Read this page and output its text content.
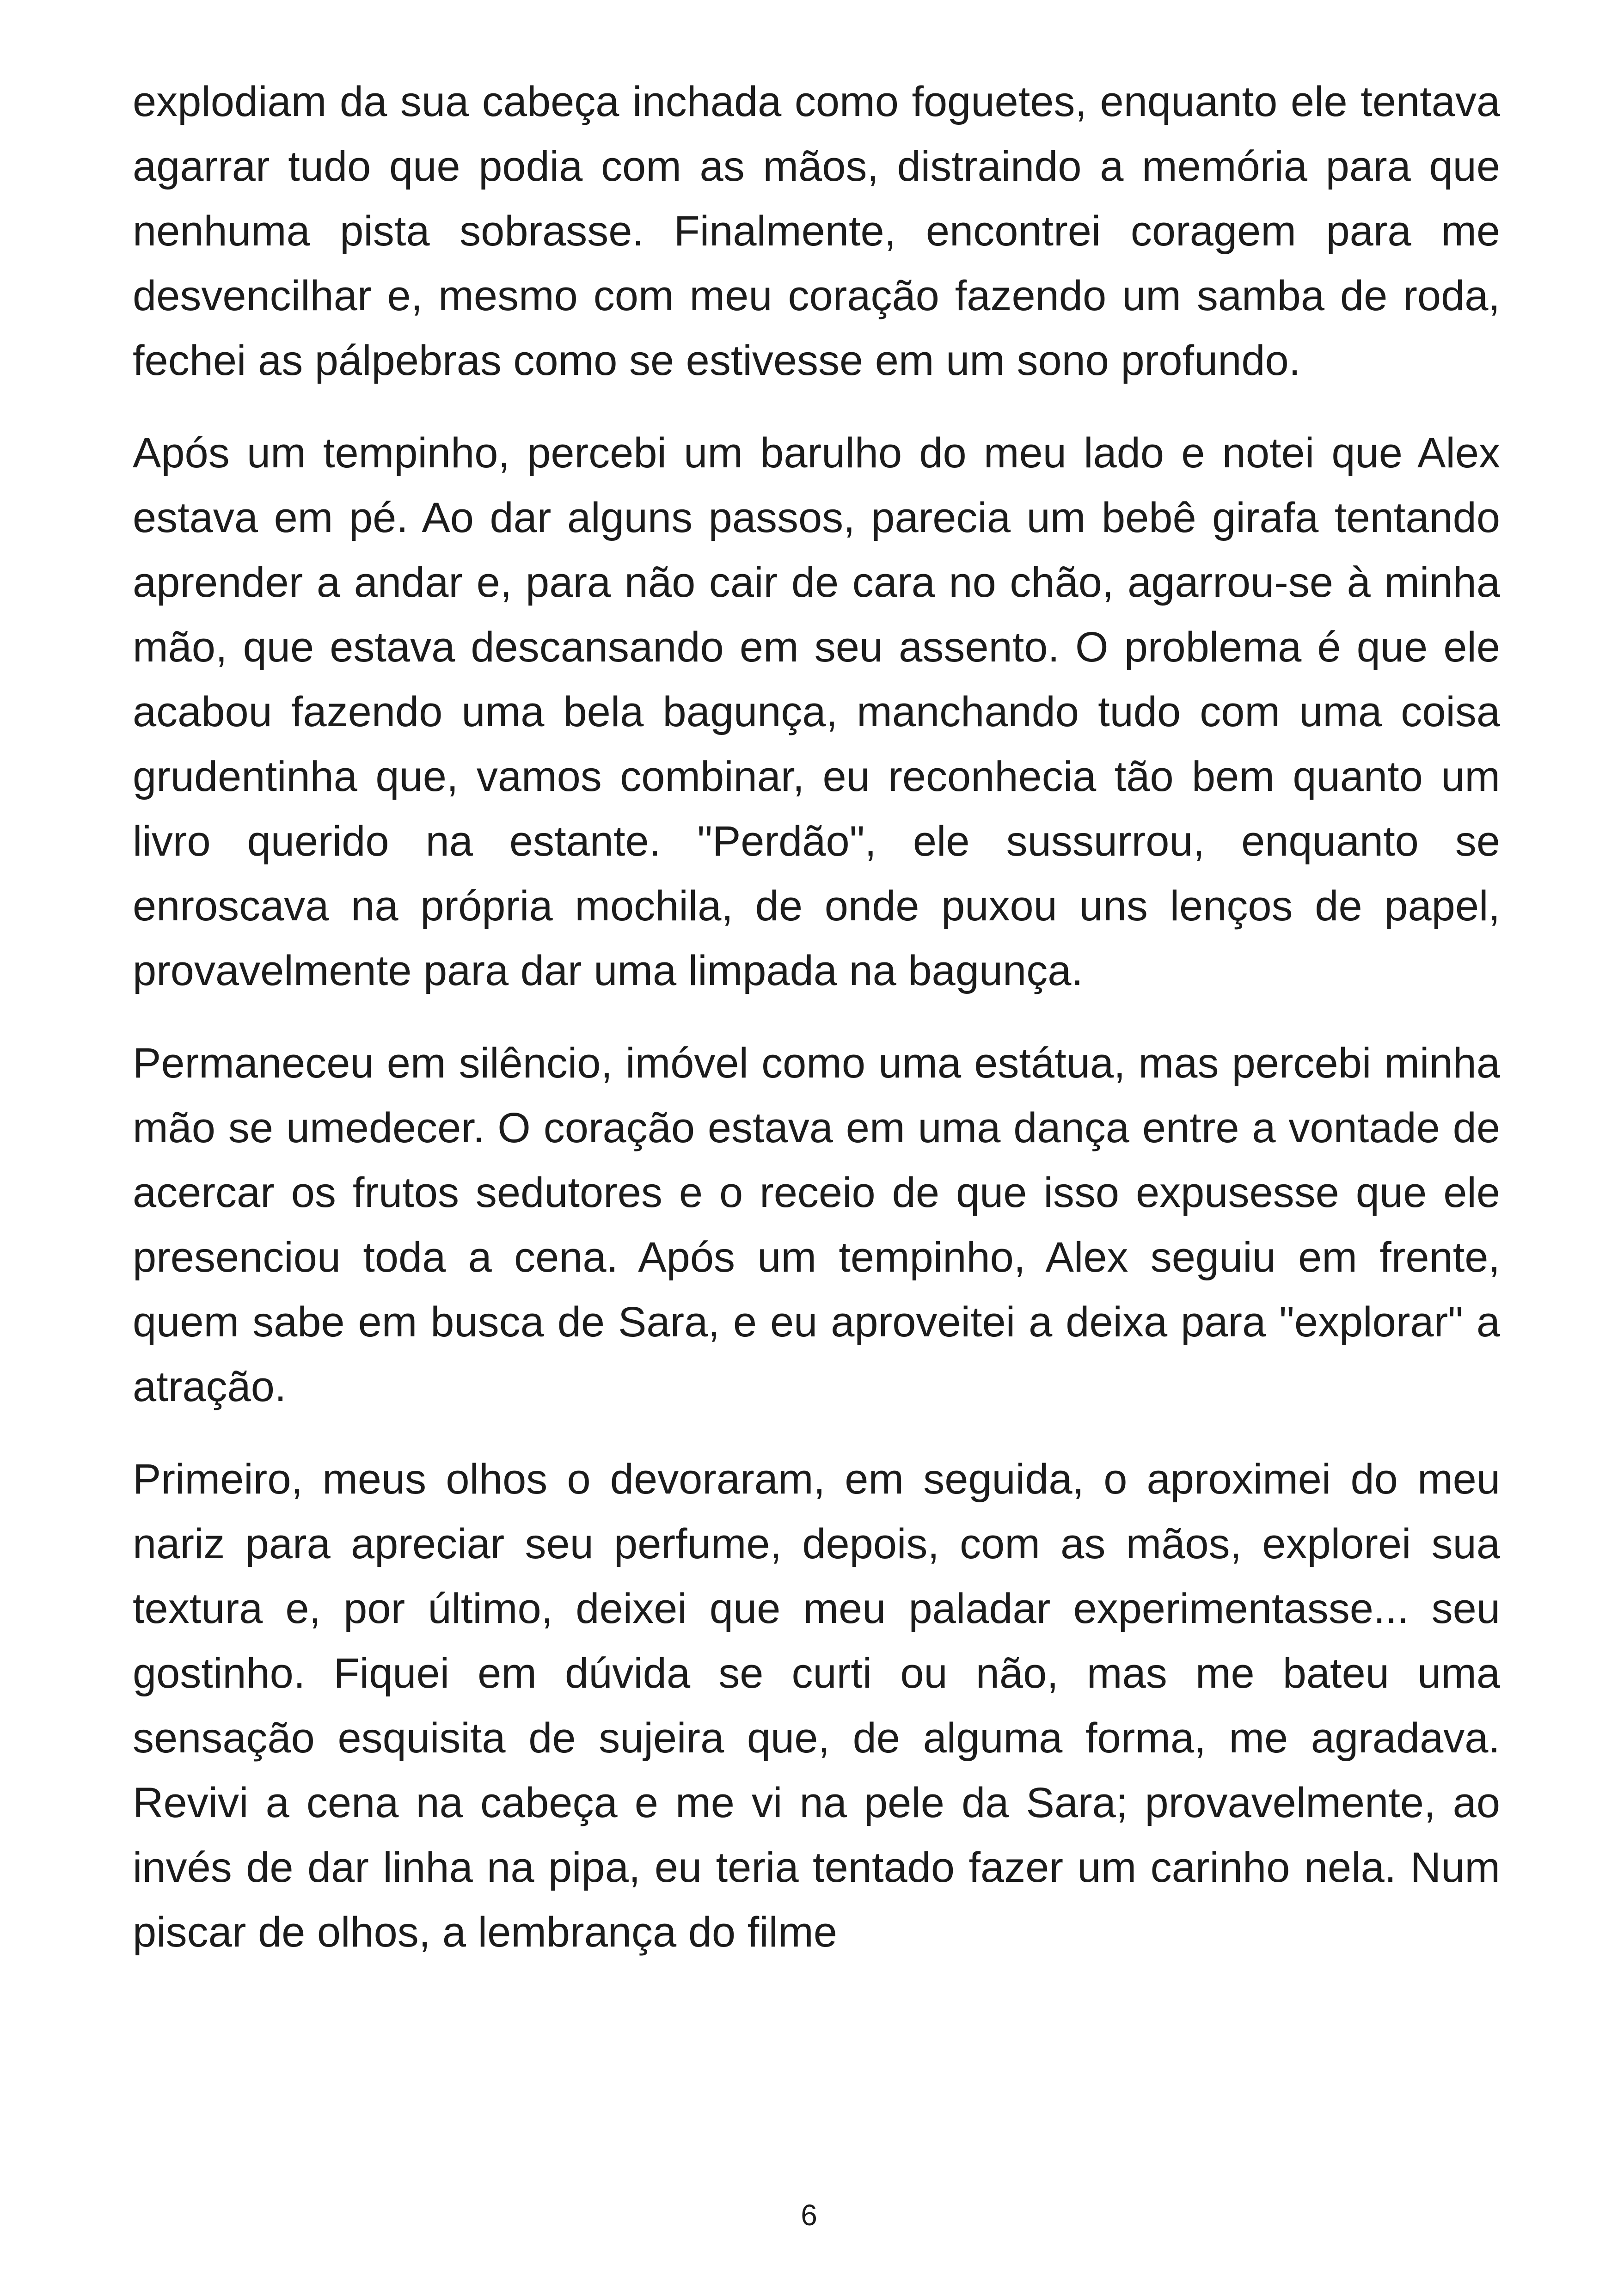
explodiam da sua cabeça inchada como foguetes, enquanto ele tentava agarrar tudo que podia com as mãos, distraindo a memória para que nenhuma pista sobrasse. Finalmente, encontrei coragem para me desvencilhar e, mesmo com meu coração fazendo um samba de roda, fechei as pálpebras como se estivesse em um sono profundo.

Após um tempinho, percebi um barulho do meu lado e notei que Alex estava em pé. Ao dar alguns passos, parecia um bebê girafa tentando aprender a andar e, para não cair de cara no chão, agarrou-se à minha mão, que estava descansando em seu assento. O problema é que ele acabou fazendo uma bela bagunça, manchando tudo com uma coisa grudentinha que, vamos combinar, eu reconhecia tão bem quanto um livro querido na estante. "Perdão", ele sussurrou, enquanto se enroscava na própria mochila, de onde puxou uns lenços de papel, provavelmente para dar uma limpada na bagunça.

Permaneceu em silêncio, imóvel como uma estátua, mas percebi minha mão se umedecer. O coração estava em uma dança entre a vontade de acercar os frutos sedutores e o receio de que isso expusesse que ele presenciou toda a cena. Após um tempinho, Alex seguiu em frente, quem sabe em busca de Sara, e eu aproveitei a deixa para "explorar" a atração.

Primeiro, meus olhos o devoraram, em seguida, o aproximei do meu nariz para apreciar seu perfume, depois, com as mãos, explorei sua textura e, por último, deixei que meu paladar experimentasse... seu gostinho. Fiquei em dúvida se curti ou não, mas me bateu uma sensação esquisita de sujeira que, de alguma forma, me agradava. Revivi a cena na cabeça e me vi na pele da Sara; provavelmente, ao invés de dar linha na pipa, eu teria tentado fazer um carinho nela. Num piscar de olhos, a lembrança do filme

6
